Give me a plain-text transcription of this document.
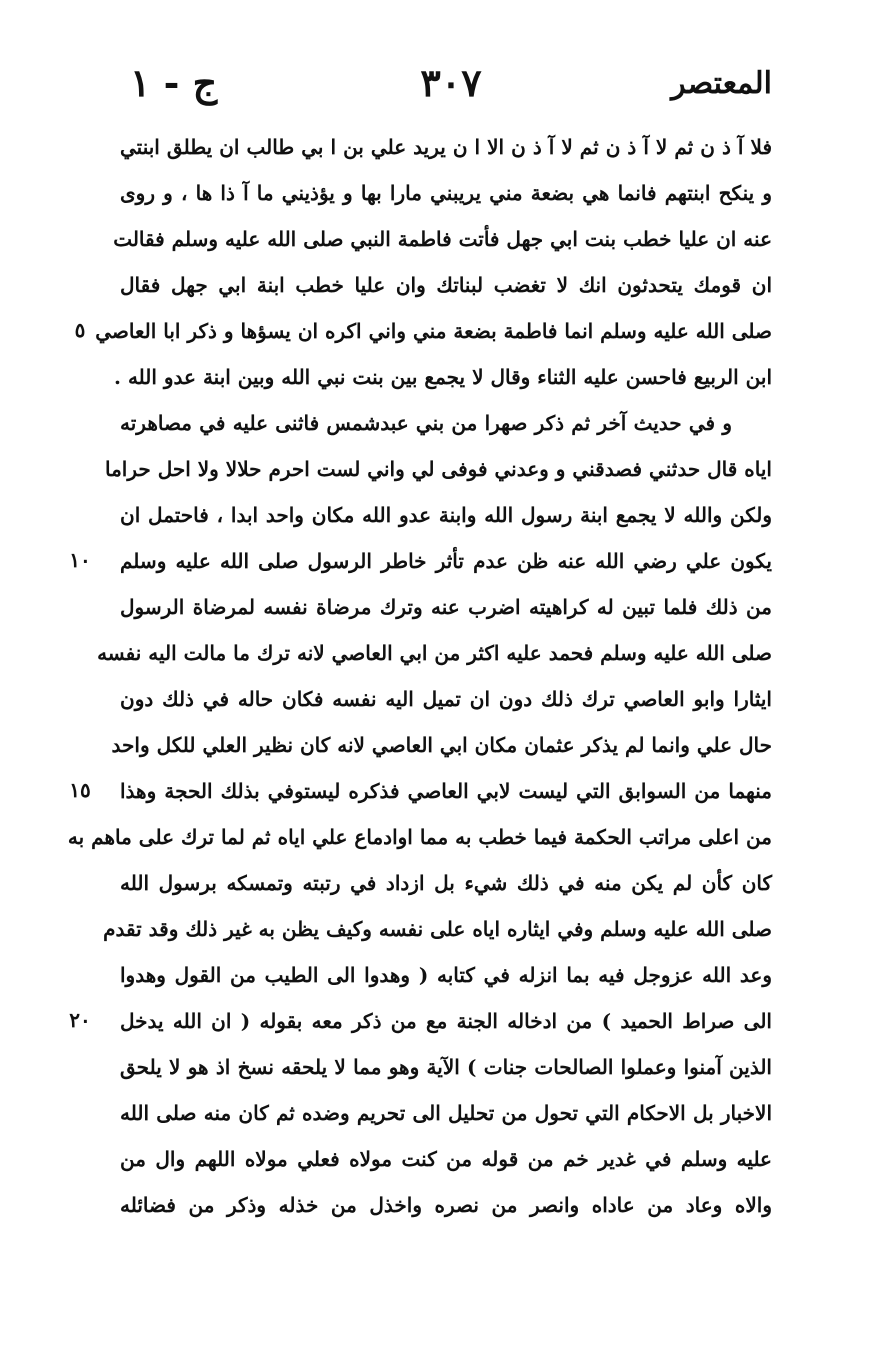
المعتصر
٣٠٧
ج - ١
فلا آ ذ ن ثم لا آ ذ ن ثم لا آ ذ ن الا ا ن يريد علي بن ا بي طالب ان يطلق ابنتي
و ينكح ابنتهم فانما هي بضعة مني يريبني مارا بها و يؤذيني ما آ ذا ها ، و روى
عنه ان عليا خطب بنت ابي جهل فأتت فاطمة النبي صلى الله عليه وسلم فقالت
ان قومك يتحدثون انك لا تغضب لبناتك وان عليا خطب ابنة ابي جهل فقال
صلى الله عليه وسلم انما فاطمة بضعة مني واني اكره ان يسؤها و ذكر ابا العاصي
ابن الربيع فاحسن عليه الثناء وقال لا يجمع بين بنت نبي الله وبين ابنة عدو الله .
و في حديث آخر ثم ذكر صهرا من بني عبدشمس فاثنى عليه في مصاهرته
اياه قال حدثني فصدقني و وعدني فوفى لي واني لست احرم حلالا ولا احل حراما
ولكن والله لا يجمع ابنة رسول الله وابنة عدو الله مكان واحد ابدا ، فاحتمل ان
يكون علي رضي الله عنه ظن عدم تأثر خاطر الرسول صلى الله عليه وسلم
من ذلك فلما تبين له كراهيته اضرب عنه وترك مرضاة نفسه لمرضاة الرسول
صلى الله عليه وسلم فحمد عليه اكثر من ابي العاصي لانه ترك ما مالت اليه نفسه
ايثارا وابو العاصي ترك ذلك دون ان تميل اليه نفسه فكان حاله في ذلك دون
حال علي وانما لم يذكر عثمان مكان ابي العاصي لانه كان نظير العلي للكل واحد
منهما من السوابق التي ليست لابي العاصي فذكره ليستوفي بذلك الحجة وهذا
من اعلى مراتب الحكمة فيما خطب به مما اوادماع علي اياه ثم لما ترك على ماهم به
كان كأن لم يكن منه في ذلك شيء بل ازداد في رتبته وتمسكه برسول الله
صلى الله عليه وسلم وفي ايثاره اياه على نفسه وكيف يظن به غير ذلك وقد تقدم
وعد الله عزوجل فيه بما انزله في كتابه ( وهدوا الى الطيب من القول وهدوا
الى صراط الحميد ) من ادخاله الجنة مع من ذكر معه بقوله ( ان الله يدخل
الذين آمنوا وعملوا الصالحات جنات ) الآية وهو مما لا يلحقه نسخ اذ هو لا يلحق
الاخبار بل الاحكام التي تحول من تحليل الى تحريم وضده ثم كان منه صلى الله
عليه وسلم في غدير خم من قوله من كنت مولاه فعلي مولاه اللهم وال من
والاه وعاد من عاداه وانصر من نصره واخذل من خذله وذكر من فضائله
٥
١٠
١٥
٢٠
